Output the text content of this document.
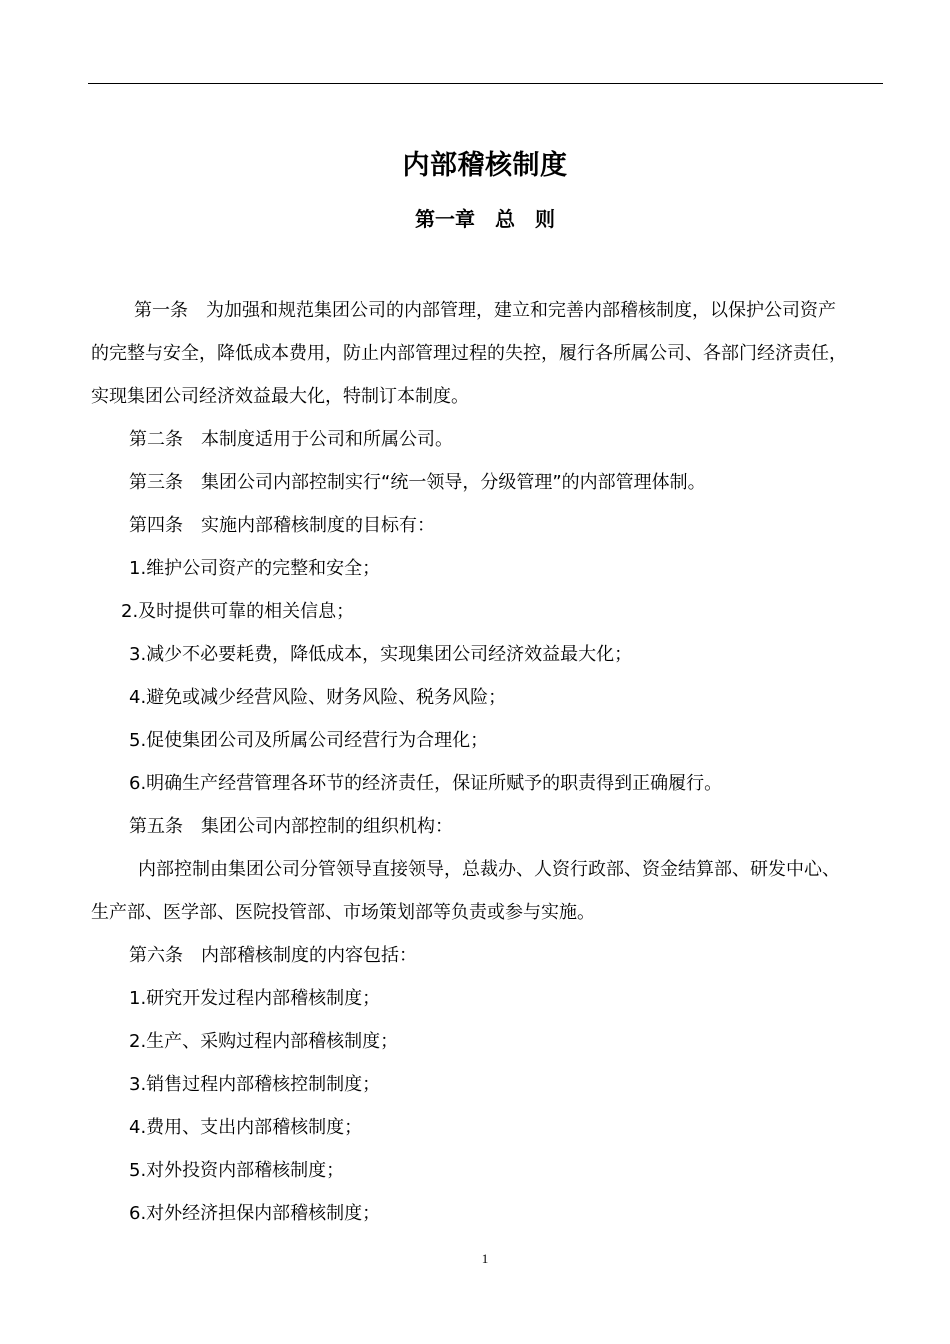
内部稽核制度
第一章　总　则
第一条　为加强和规范集团公司的内部管理，建立和完善内部稽核制度，以保护公司资产
的完整与安全，降低成本费用，防止内部管理过程的失控，履行各所属公司、各部门经济责任，
实现集团公司经济效益最大化，特制订本制度。
第二条　本制度适用于公司和所属公司。
第三条　集团公司内部控制实行“统一领导，分级管理”的内部管理体制。
第四条　实施内部稽核制度的目标有：
1.维护公司资产的完整和安全；
2.及时提供可靠的相关信息；
3.减少不必要耗费，降低成本，实现集团公司经济效益最大化；
4.避免或减少经营风险、财务风险、税务风险；
5.促使集团公司及所属公司经营行为合理化；
6.明确生产经营管理各环节的经济责任，保证所赋予的职责得到正确履行。
第五条　集团公司内部控制的组织机构：
内部控制由集团公司分管领导直接领导，总裁办、人资行政部、资金结算部、研发中心、
生产部、医学部、医院投管部、市场策划部等负责或参与实施。
第六条　内部稽核制度的内容包括：
1.研究开发过程内部稽核制度；
2.生产、采购过程内部稽核制度；
3.销售过程内部稽核控制制度；
4.费用、支出内部稽核制度；
5.对外投资内部稽核制度；
6.对外经济担保内部稽核制度；
1
